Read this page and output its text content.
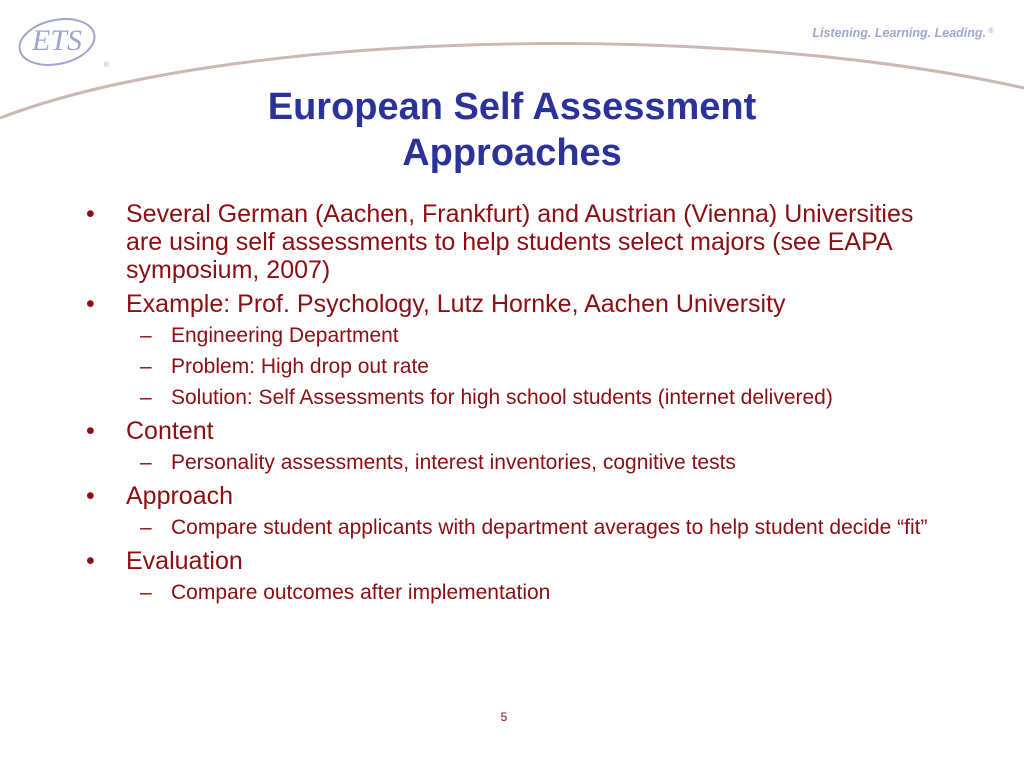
ETS
®
Listening. Learning. Leading. ®
European Self Assessment
Approaches
• Several German (Aachen, Frankfurt) and Austrian (Vienna) Universities are using self assessments to help students select majors (see EAPA symposium, 2007)
• Example: Prof. Psychology, Lutz Hornke, Aachen University
– Engineering Department
– Problem: High drop out rate
– Solution: Self Assessments for high school students (internet delivered)
• Content
– Personality assessments, interest inventories, cognitive tests
• Approach
– Compare student applicants with department averages to help student decide “fit”
• Evaluation
– Compare outcomes after implementation
5
